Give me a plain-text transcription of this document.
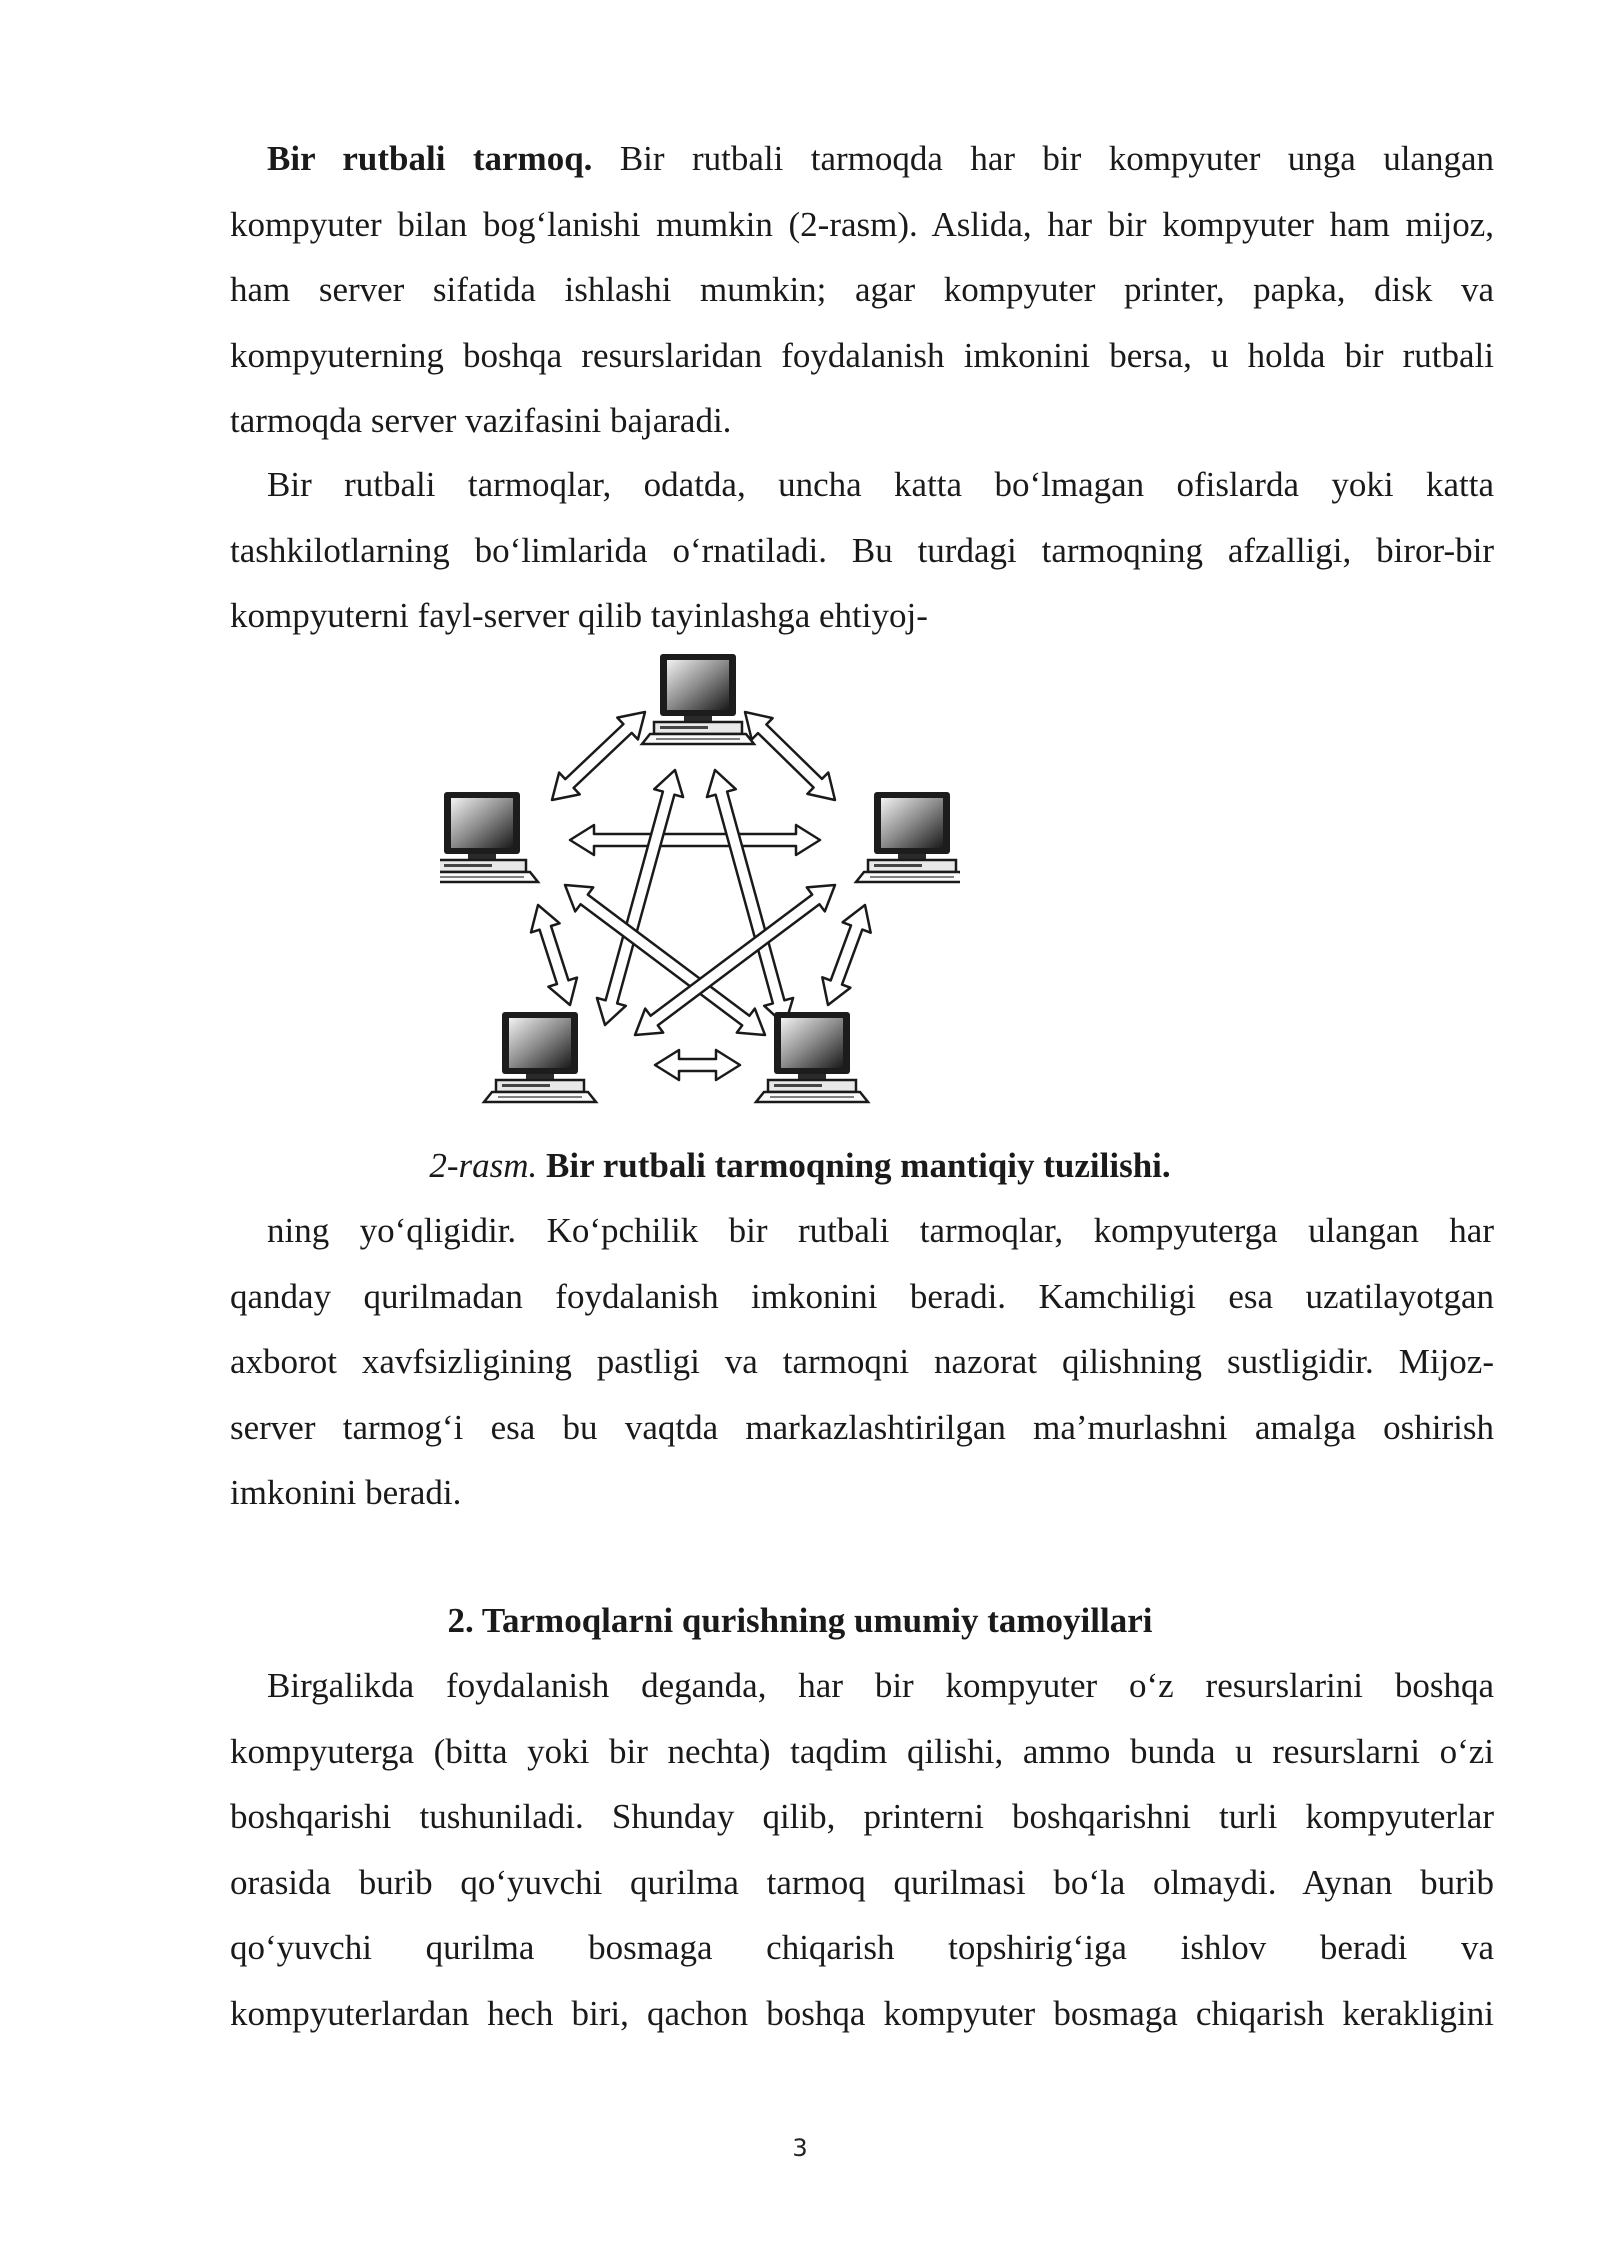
Bir rutbali tarmoq. Bir rutbali tarmoqda har bir kompyuter unga ulangan
kompyuter bilan bog‘lanishi mumkin (2-rasm). Aslida, har bir kompyuter ham mijoz,
ham server sifatida ishlashi mumkin; agar kompyuter printer, papka, disk va
kompyuterning boshqa resurslaridan foydalanish imkonini bersa, u holda bir rutbali
tarmoqda server vazifasini bajaradi.
Bir rutbali tarmoqlar, odatda, uncha katta bo‘lmagan ofislarda yoki katta
tashkilotlarning bo‘limlarida o‘rnatiladi. Bu turdagi tarmoqning afzalligi, biror-bir
kompyuterni fayl-server qilib tayinlashga ehtiyoj-

2-rasm. Bir rutbali tarmoqning mantiqiy tuzilishi.

ning yo‘qligidir. Ko‘pchilik bir rutbali tarmoqlar, kompyuterga ulangan har
qanday qurilmadan foydalanish imkonini beradi. Kamchiligi esa uzatilayotgan
axborot xavfsizligining pastligi va tarmoqni nazorat qilishning sustligidir. Mijoz-
server tarmog‘i esa bu vaqtda markazlashtirilgan ma’murlashni amalga oshirish
imkonini beradi.

2. Tarmoqlarni qurishning umumiy tamoyillari

Birgalikda foydalanish deganda, har bir kompyuter o‘z resurslarini boshqa
kompyuterga (bitta yoki bir nechta) taqdim qilishi, ammo bunda u resurslarni o‘zi
boshqarishi tushuniladi. Shunday qilib, printerni boshqarishni turli kompyuterlar
orasida burib qo‘yuvchi qurilma tarmoq qurilmasi bo‘la olmaydi. Aynan burib
qo‘yuvchi qurilma bosmaga chiqarish topshirig‘iga ishlov beradi va
kompyuterlardan hech biri, qachon boshqa kompyuter bosmaga chiqarish kerakligini
3
